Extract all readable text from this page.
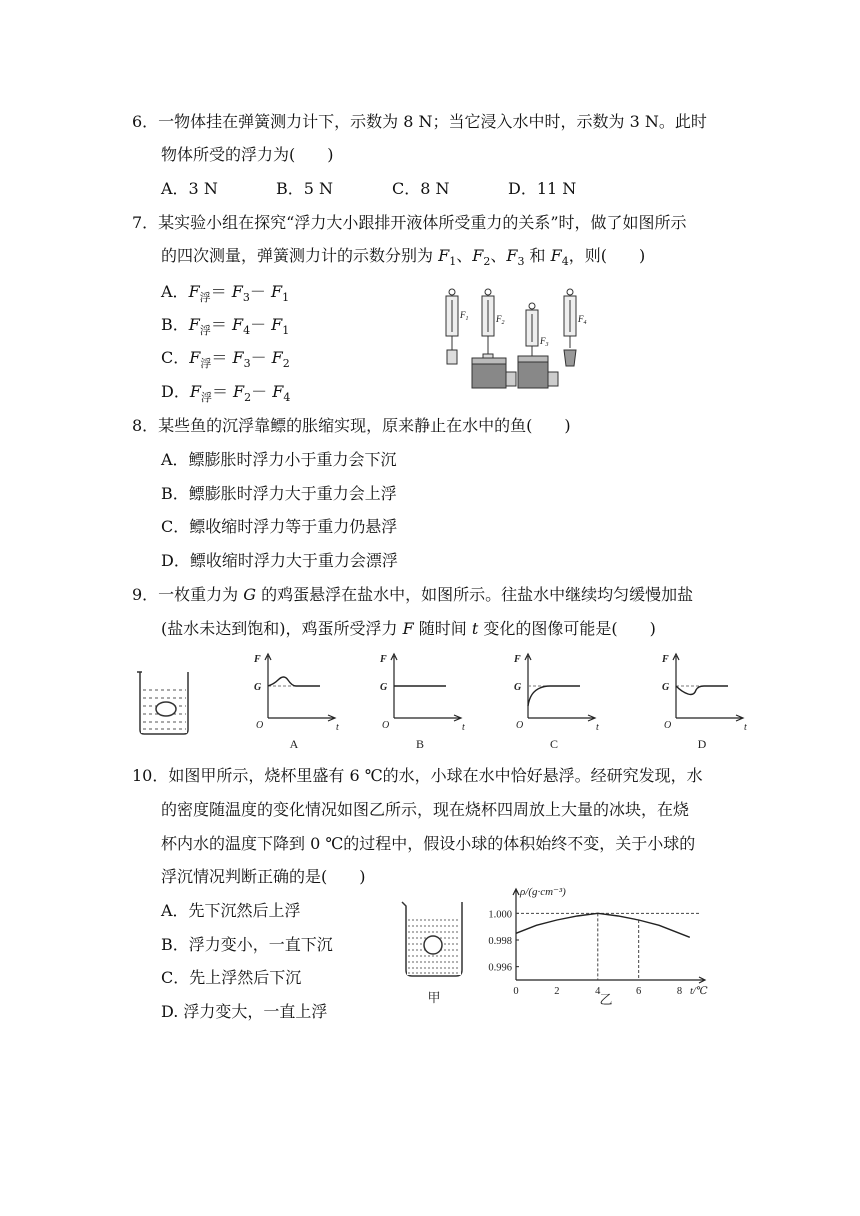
6．一物体挂在弹簧测力计下，示数为 8 N；当它浸入水中时，示数为 3 N。此时
物体所受的浮力为(　　)
A．3 N	B．5 N	C．8 N	D．11 N
7．某实验小组在探究“浮力大小跟排开液体所受重力的关系”时，做了如图所示
的四次测量，弹簧测力计的示数分别为 $F_1$、$F_2$、$F_3$ 和 $F_4$，则(　　)
A．$F_浮= F_3- F_1$
B．$F_浮= F_4- F_1$
C．$F_浮= F_3- F_2$
D．$F_浮= F_2- F_4$
$F_1$	$F_2$
$F_3$
$F_4$
8．某些鱼的沉浮靠鳔的胀缩实现，原来静止在水中的鱼(　　)
A．鳔膨胀时浮力小于重力会下沉
B．鳔膨胀时浮力大于重力会上浮
C．鳔收缩时浮力等于重力仍悬浮
D．鳔收缩时浮力大于重力会漂浮
9．一枚重力为 G 的鸡蛋悬浮在盐水中，如图所示。往盐水中继续均匀缓慢加盐
(盐水未达到饱和)，鸡蛋所受浮力 F 随时间 t 变化的图像可能是(　　)
F
t
O
G
A
F
t
O
G
B
F
t
O
G
C
F
t
O
G
D
10．如图甲所示，烧杯里盛有 6 ℃的水，小球在水中恰好悬浮。经研究发现，水
的密度随温度的变化情况如图乙所示，现在烧杯四周放上大量的冰块，在烧
杯内水的温度下降到 0 ℃的过程中，假设小球的体积始终不变，关于小球的
浮沉情况判断正确的是(　　)
A．先下沉然后上浮
B．浮力变小，一直下沉
C．先上浮然后下沉
D. 浮力变大，一直上浮
甲
1.000
0.998
0.996
0	2	4	6	8
ρ/(g·cm⁻³)
t/℃
乙
